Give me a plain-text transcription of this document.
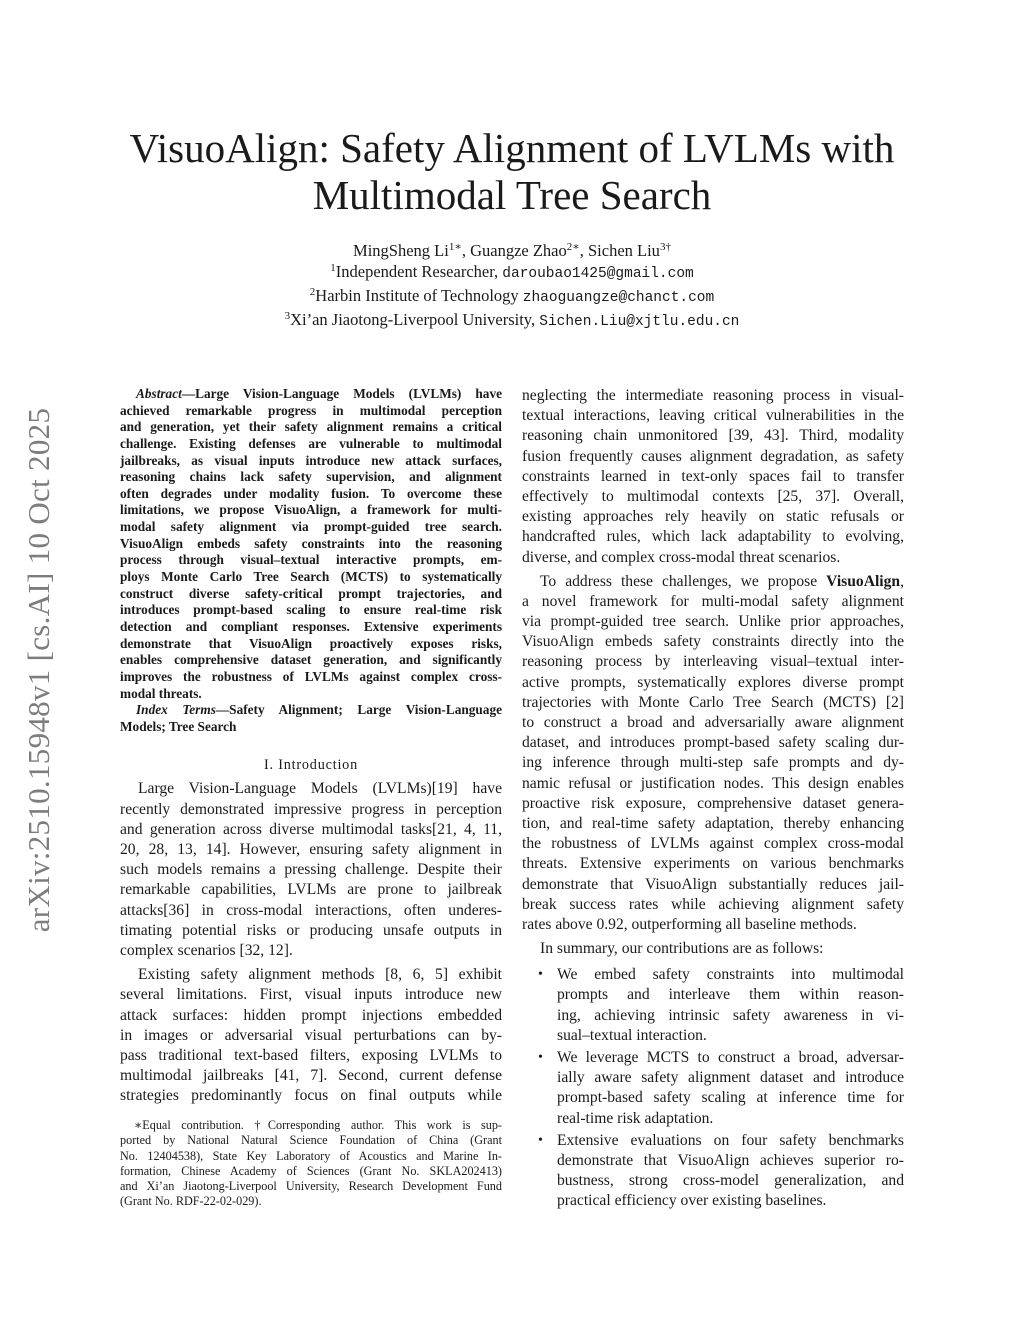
arXiv:2510.15948v1 [cs.AI] 10 Oct 2025
VisuoAlign: Safety Alignment of LVLMs with
Multimodal Tree Search
MingSheng $Li^{1∗}$, Guangze Zhao$^{2∗}$, Sichen Liu$^{3\dagger}$
$^1$Independent Researcher, daroubao1425@gmail.com
$^2$Harbin Institute of Technology zhaoguangze@chanct.com
$^3$Xi’an Jiaotong-Liverpool University, Sichen.Liu@xjtlu.edu.cn
Abstract—Large Vision-Language Models (LVLMs) have
achieved remarkable progress in multimodal perception
and generation, yet their safety alignment remains a critical
challenge. Existing defenses are vulnerable to multimodal
jailbreaks, as visual inputs introduce new attack surfaces,
reasoning chains lack safety supervision, and alignment
often degrades under modality fusion. To overcome these
limitations, we propose VisuoAlign, a framework for multi-
modal safety alignment via prompt-guided tree search.
VisuoAlign embeds safety constraints into the reasoning
process through visual–textual interactive prompts, em-
ploys Monte Carlo Tree Search (MCTS) to systematically
construct diverse safety-critical prompt trajectories, and
introduces prompt-based scaling to ensure real-time risk
detection and compliant responses. Extensive experiments
demonstrate that VisuoAlign proactively exposes risks,
enables comprehensive dataset generation, and significantly
improves the robustness of LVLMs against complex cross-
modal threats.
Index Terms—Safety Alignment; Large Vision-Language
Models; Tree Search
I. Introduction
Large Vision-Language Models (LVLMs)[19] have
recently demonstrated impressive progress in perception
and generation across diverse multimodal tasks[21, 4, 11,
20, 28, 13, 14]. However, ensuring safety alignment in
such models remains a pressing challenge. Despite their
remarkable capabilities, LVLMs are prone to jailbreak
attacks[36] in cross-modal interactions, often underes-
timating potential risks or producing unsafe outputs in
complex scenarios [32, 12].
Existing safety alignment methods [8, 6, 5] exhibit
several limitations. First, visual inputs introduce new
attack surfaces: hidden prompt injections embedded
in images or adversarial visual perturbations can by-
pass traditional text-based filters, exposing LVLMs to
multimodal jailbreaks [41, 7]. Second, current defense
strategies predominantly focus on final outputs while
∗Equal contribution. †Corresponding author. This work is sup-
ported by National Natural Science Foundation of China (Grant
No. 12404538), State Key Laboratory of Acoustics and Marine In-
formation, Chinese Academy of Sciences (Grant No. SKLA202413)
and Xi’an Jiaotong-Liverpool University, Research Development Fund
(Grant No. RDF-22-02-029).
neglecting the intermediate reasoning process in visual-
textual interactions, leaving critical vulnerabilities in the
reasoning chain unmonitored [39, 43]. Third, modality
fusion frequently causes alignment degradation, as safety
constraints learned in text-only spaces fail to transfer
effectively to multimodal contexts [25, 37]. Overall,
existing approaches rely heavily on static refusals or
handcrafted rules, which lack adaptability to evolving,
diverse, and complex cross-modal threat scenarios.
To address these challenges, we propose VisuoAlign,
a novel framework for multi-modal safety alignment
via prompt-guided tree search. Unlike prior approaches,
VisuoAlign embeds safety constraints directly into the
reasoning process by interleaving visual–textual inter-
active prompts, systematically explores diverse prompt
trajectories with Monte Carlo Tree Search (MCTS) [2]
to construct a broad and adversarially aware alignment
dataset, and introduces prompt-based safety scaling dur-
ing inference through multi-step safe prompts and dy-
namic refusal or justification nodes. This design enables
proactive risk exposure, comprehensive dataset genera-
tion, and real-time safety adaptation, thereby enhancing
the robustness of LVLMs against complex cross-modal
threats. Extensive experiments on various benchmarks
demonstrate that VisuoAlign substantially reduces jail-
break success rates while achieving alignment safety
rates above 0.92, outperforming all baseline methods.
In summary, our contributions are as follows:
• We embed safety constraints into multimodal
prompts and interleave them within reason-
ing, achieving intrinsic safety awareness in vi-
sual–textual interaction.
• We leverage MCTS to construct a broad, adversar-
ially aware safety alignment dataset and introduce
prompt-based safety scaling at inference time for
real-time risk adaptation.
• Extensive evaluations on four safety benchmarks
demonstrate that VisuoAlign achieves superior ro-
bustness, strong cross-model generalization, and
practical efficiency over existing baselines.
